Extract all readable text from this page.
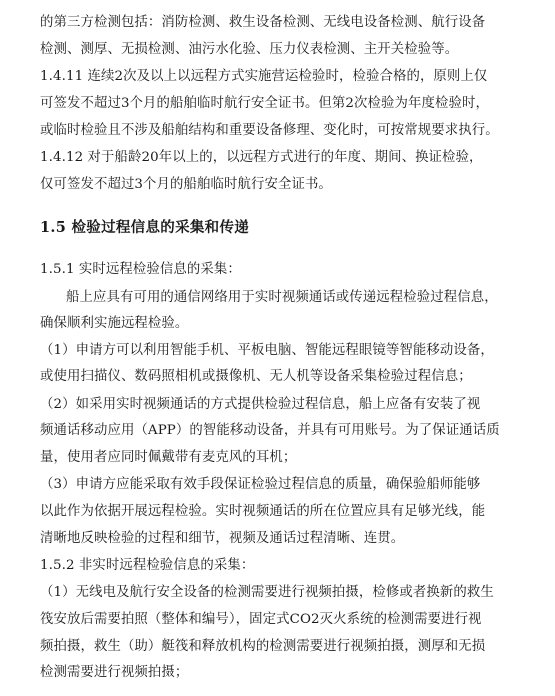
的第三方检测包括：消防检测、救生设备检测、无线电设备检测、航行设备
检测、测厚、无损检测、油污水化验、压力仪表检测、主开关检验等。
1.4.11 连续2次及以上以远程方式实施营运检验时，检验合格的，原则上仅
可签发不超过3个月的船舶临时航行安全证书。但第2次检验为年度检验时，
或临时检验且不涉及船舶结构和重要设备修理、变化时，可按常规要求执行。
1.4.12 对于船龄20年以上的，以远程方式进行的年度、期间、换证检验，
仅可签发不超过3个月的船舶临时航行安全证书。
1.5 检验过程信息的采集和传递
1.5.1 实时远程检验信息的采集：
船上应具有可用的通信网络用于实时视频通话或传递远程检验过程信息，
确保顺利实施远程检验。
（1）申请方可以利用智能手机、平板电脑、智能远程眼镜等智能移动设备，
或使用扫描仪、数码照相机或摄像机、无人机等设备采集检验过程信息；
（2）如采用实时视频通话的方式提供检验过程信息，船上应备有安装了视
频通话移动应用（APP）的智能移动设备，并具有可用账号。为了保证通话质
量，使用者应同时佩戴带有麦克风的耳机；
（3）申请方应能采取有效手段保证检验过程信息的质量，确保验船师能够
以此作为依据开展远程检验。实时视频通话的所在位置应具有足够光线，能
清晰地反映检验的过程和细节，视频及通话过程清晰、连贯。
1.5.2 非实时远程检验信息的采集：
（1）无线电及航行安全设备的检测需要进行视频拍摄，检修或者换新的救生
筏安放后需要拍照（整体和编号），固定式CO2灭火系统的检测需要进行视
频拍摄，救生（助）艇筏和释放机构的检测需要进行视频拍摄，测厚和无损
检测需要进行视频拍摄；
